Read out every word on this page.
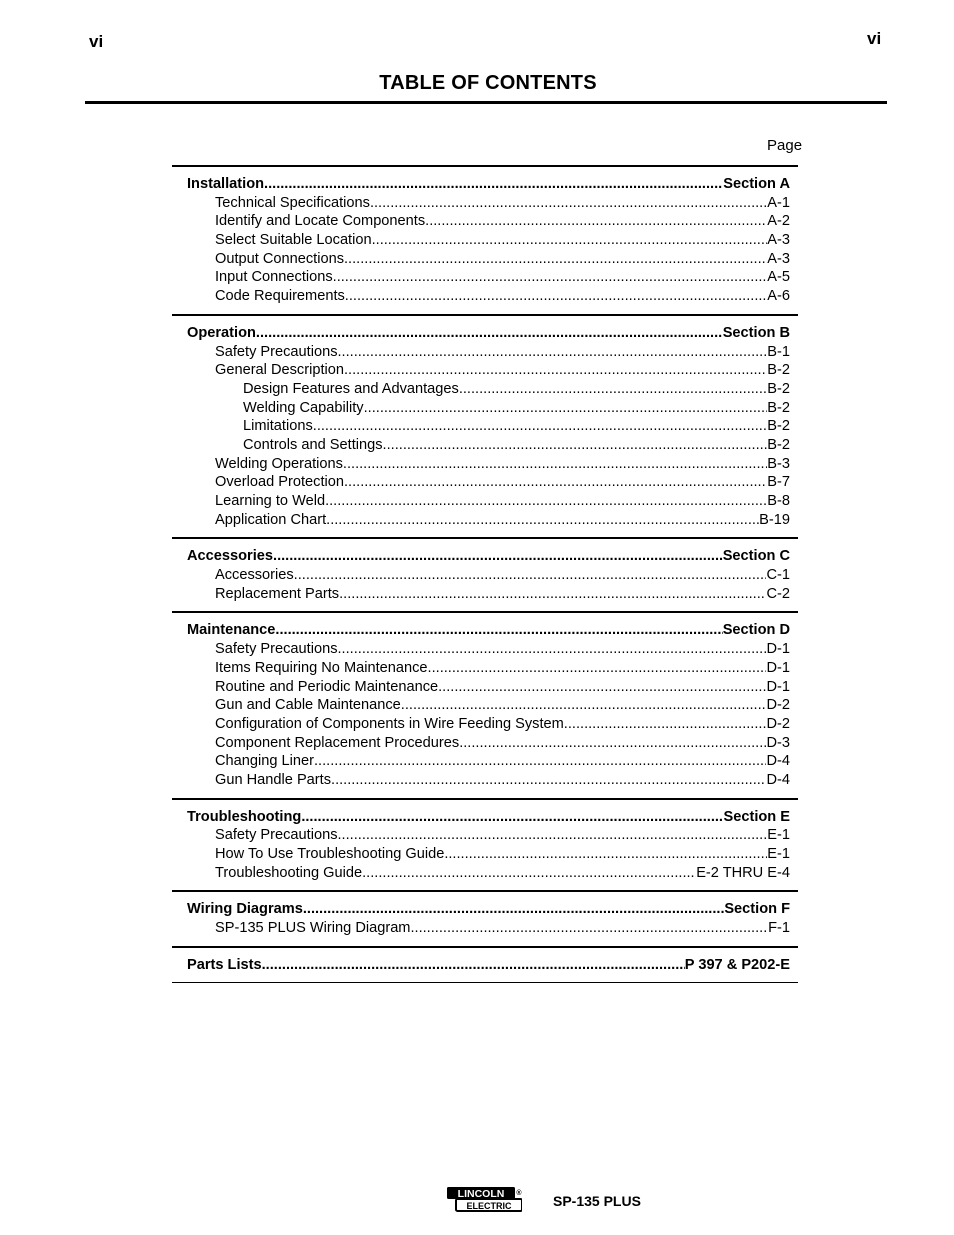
vi	vi
TABLE OF CONTENTS
Page
Installation .....	Section A
Technical Specifications .....	A-1
Identify and Locate Components .....	A-2
Select Suitable Location .....	A-3
Output Connections .....	A-3
Input Connections. .....	A-5
Code Requirements .....	A-6
Operation .....	Section B
Safety Precautions .....	B-1
General Description .....	B-2
Design Features and Advantages .....	B-2
Welding Capability .....	B-2
Limitations .....	B-2
Controls and Settings .....	B-2
Welding Operations .....	B-3
Overload Protection .....	B-7
Learning to Weld .....	B-8
Application Chart .....	B-19
Accessories .....	Section C
Accessories .....	C-1
Replacement Parts .....	C-2
Maintenance .....	Section D
Safety Precautions .....	D-1
Items Requiring No Maintenance .....	D-1
Routine and Periodic Maintenance .....	D-1
Gun and Cable Maintenance .....	D-2
Configuration of Components in Wire Feeding System .....	D-2
Component Replacement Procedures .....	D-3
Changing Liner .....	D-4
Gun Handle Parts .....	D-4
Troubleshooting .....	Section E
Safety Precautions .....	E-1
How To Use Troubleshooting Guide .....	E-1
Troubleshooting Guide .....	E-2 THRU E-4
Wiring Diagrams .....	Section F
SP-135 PLUS Wiring Diagram .....	F-1
Parts Lists .....	P 397 & P202-E
LINCOLN
ELECTRIC
® SP-135 PLUS
